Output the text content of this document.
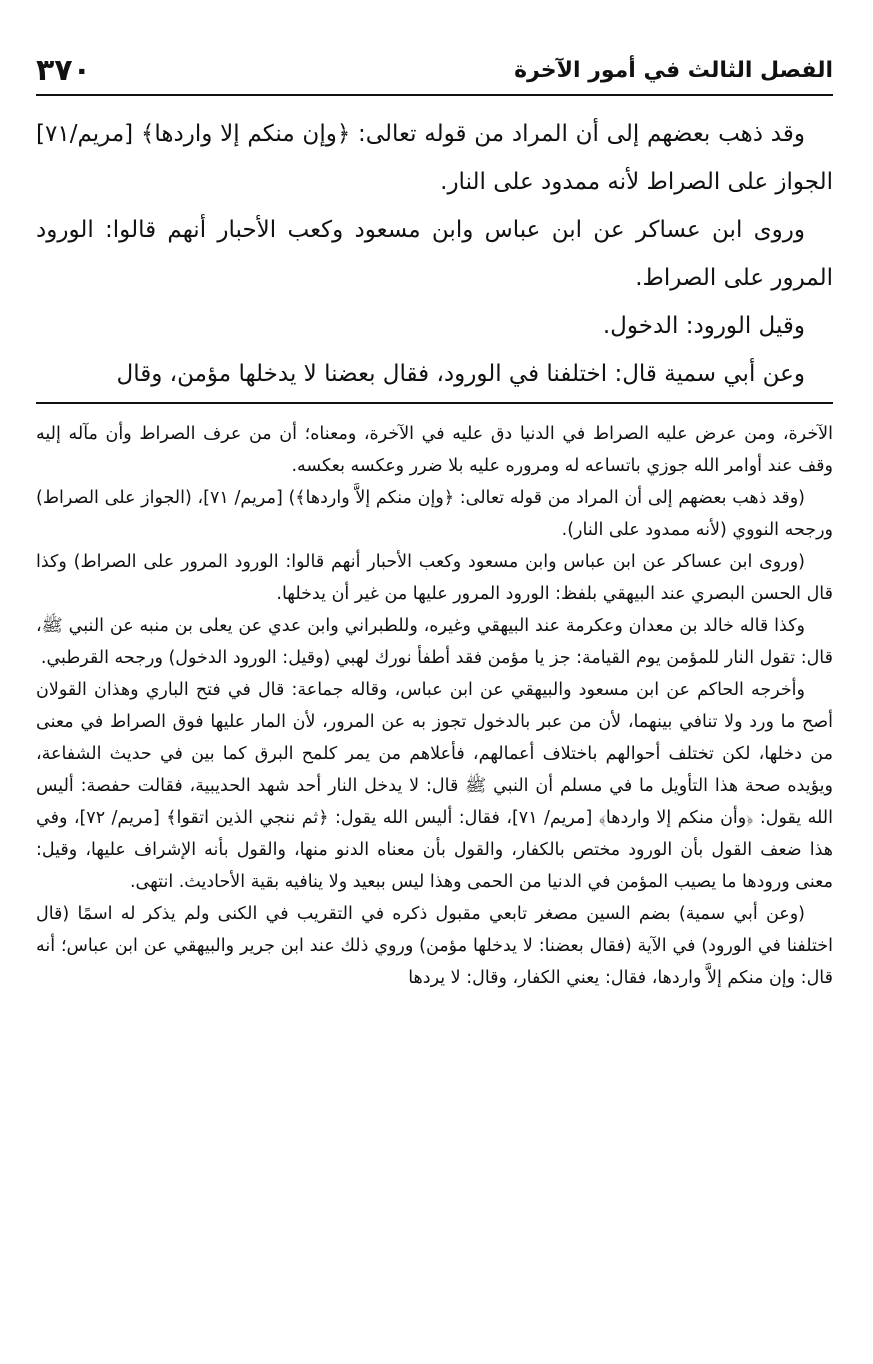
٣٧٠	الفصل الثالث في أمور الآخرة

وقد ذهب بعضهم إلى أن المراد من قوله تعالى: ﴿وإن منكم إلا واردها﴾ [مريم/٧١] الجواز على الصراط لأنه ممدود على النار.

وروى ابن عساكر عن ابن عباس وابن مسعود وكعب الأحبار أنهم قالوا: الورود المرور على الصراط.

وقيل الورود: الدخول.

وعن أبي سمية قال: اختلفنا في الورود، فقال بعضنا لا يدخلها مؤمن، وقال

الآخرة، ومن عرض عليه الصراط في الدنيا دق عليه في الآخرة، ومعناه؛ أن من عرف الصراط وأن مآله إليه وقف عند أوامر الله جوزي باتساعه له ومروره عليه بلا ضرر وعكسه بعكسه.

(وقد ذهب بعضهم إلى أن المراد من قوله تعالى: ﴿وإن منكم إلاَّ واردها﴾) [مريم/ ٧١]، (الجواز على الصراط) ورجحه النووي (لأنه ممدود على النار).

(وروى ابن عساكر عن ابن عباس وابن مسعود وكعب الأحبار أنهم قالوا: الورود المرور على الصراط) وكذا قال الحسن البصري عند البيهقي بلفظ: الورود المرور عليها من غير أن يدخلها.

وكذا قاله خالد بن معدان وعكرمة عند البيهقي وغيره، وللطبراني وابن عدي عن يعلى بن منبه عن النبي ﷺ، قال: تقول النار للمؤمن يوم القيامة: جز يا مؤمن فقد أطفأ نورك لهبي (وقيل: الورود الدخول) ورجحه القرطبي.

وأخرجه الحاكم عن ابن مسعود والبيهقي عن ابن عباس، وقاله جماعة: قال في فتح الباري وهذان القولان أصح ما ورد ولا تنافي بينهما، لأن من عبر بالدخول تجوز به عن المرور، لأن المار عليها فوق الصراط في معنى من دخلها، لكن تختلف أحوالهم باختلاف أعمالهم، فأعلاهم من يمر كلمح البرق كما بين في حديث الشفاعة، ويؤيده صحة هذا التأويل ما في مسلم أن النبي ﷺ قال: لا يدخل النار أحد شهد الحديبية، فقالت حفصة: أليس الله يقول: ﴿وأن منكم إلا واردها﴾ [مريم/ ٧١]، فقال: أليس الله يقول: ﴿ثم ننجي الذين اتقوا﴾ [مريم/ ٧٢]، وفي هذا ضعف القول بأن الورود مختص بالكفار، والقول بأن معناه الدنو منها، والقول بأنه الإشراف عليها، وقيل: معنى ورودها ما يصيب المؤمن في الدنيا من الحمى وهذا ليس ببعيد ولا ينافيه بقية الأحاديث. انتهى.

(وعن أبي سمية) بضم السين مصغر تابعي مقبول ذكره في التقريب في الكنى ولم يذكر له اسمًا (قال اختلفنا في الورود) في الآية (فقال بعضنا: لا يدخلها مؤمن) وروي ذلك عند ابن جرير والبيهقي عن ابن عباس؛ أنه قال: وإن منكم إلاَّ واردها، فقال: يعني الكفار، وقال: لا يردها
